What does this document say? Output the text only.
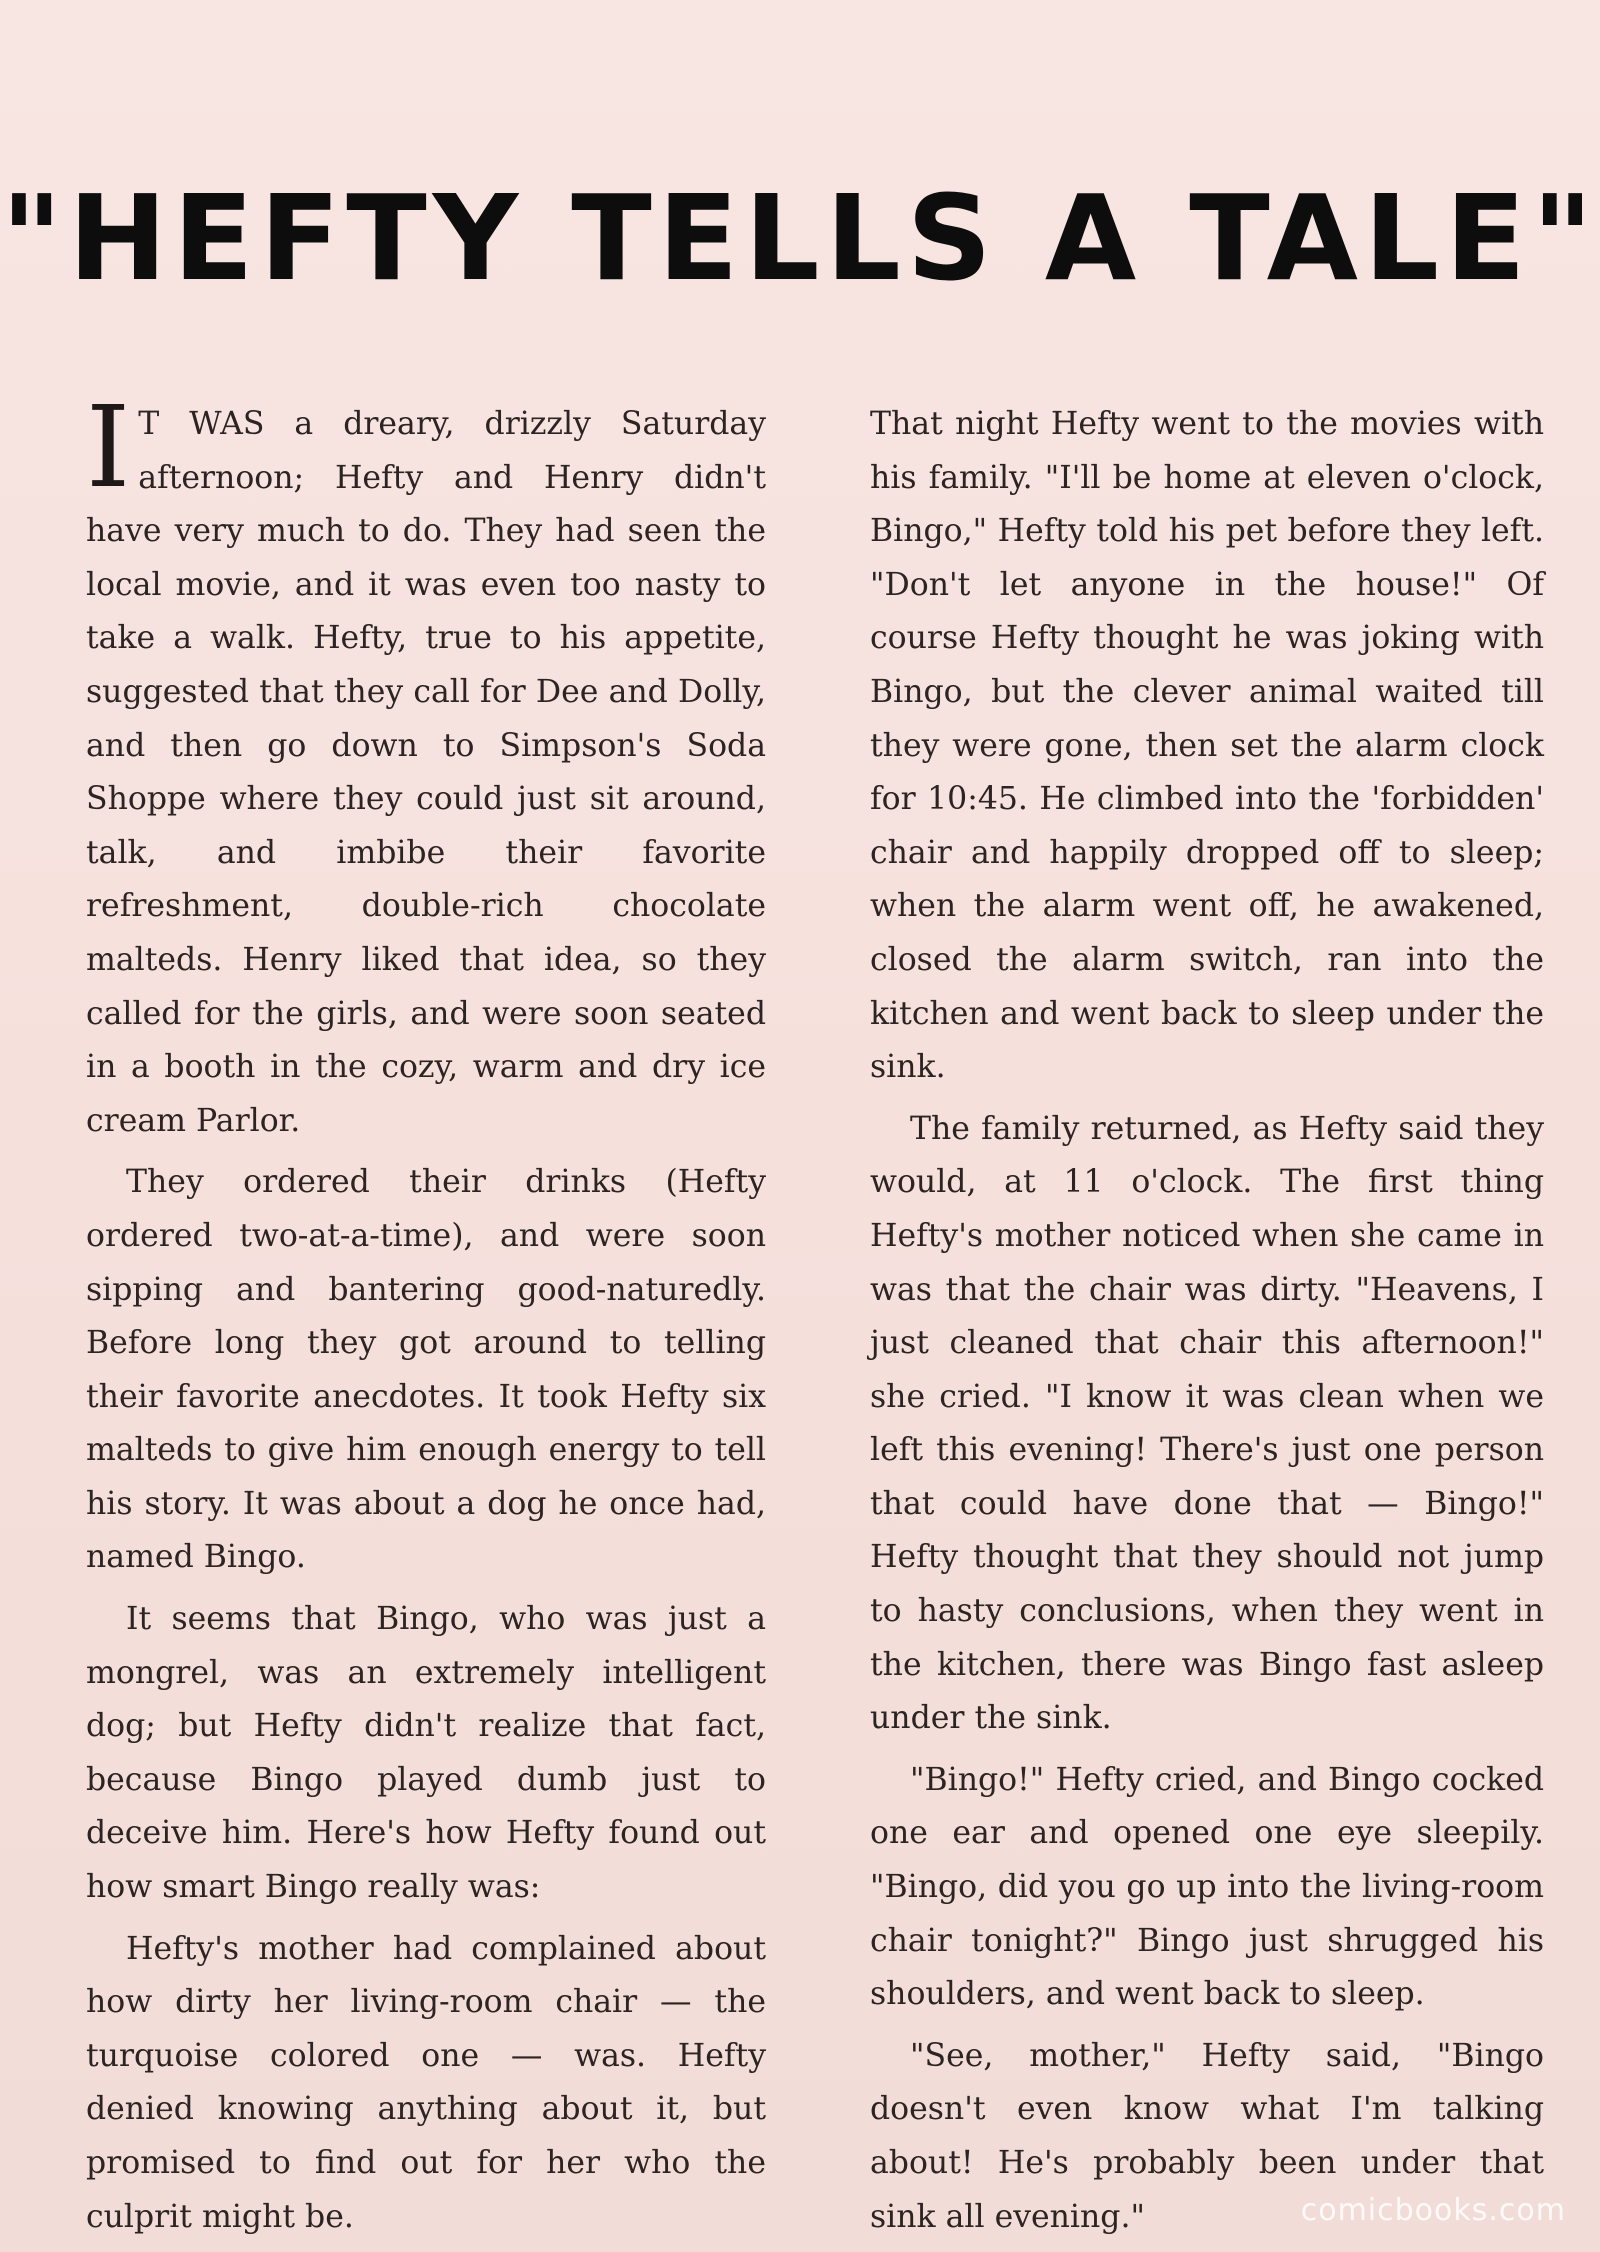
"HEFTY TELLS A TALE"

I T WAS a dreary, drizzly Saturday afternoon; Hefty and Henry didn't have very much to do. They had seen the local movie, and it was even too nasty to take a walk. Hefty, true to his appetite, suggested that they call for Dee and Dolly, and then go down to Simpson's Soda Shoppe where they could just sit around, talk, and imbibe their favorite refreshment, double-rich chocolate malteds. Henry liked that idea, so they called for the girls, and were soon seated in a booth in the cozy, warm and dry ice cream Parlor.

They ordered their drinks (Hefty ordered two-at-a-time), and were soon sipping and bantering good-naturedly. Before long they got around to telling their favorite anecdotes. It took Hefty six malteds to give him enough energy to tell his story. It was about a dog he once had, named Bingo.

It seems that Bingo, who was just a mongrel, was an extremely intelligent dog; but Hefty didn't realize that fact, because Bingo played dumb just to deceive him. Here's how Hefty found out how smart Bingo really was:

Hefty's mother had complained about how dirty her living-room chair — the turquoise colored one — was. Hefty denied knowing anything about it, but promised to find out for her who the culprit might be.

That night Hefty went to the movies with his family. "I'll be home at eleven o'clock, Bingo," Hefty told his pet before they left. "Don't let anyone in the house!" Of course Hefty thought he was joking with Bingo, but the clever animal waited till they were gone, then set the alarm clock for 10:45. He climbed into the 'forbidden' chair and happily dropped off to sleep; when the alarm went off, he awakened, closed the alarm switch, ran into the kitchen and went back to sleep under the sink.

The family returned, as Hefty said they would, at 11 o'clock. The first thing Hefty's mother noticed when she came in was that the chair was dirty. "Heavens, I just cleaned that chair this afternoon!" she cried. "I know it was clean when we left this evening! There's just one person that could have done that — Bingo!" Hefty thought that they should not jump to hasty conclusions, when they went in the kitchen, there was Bingo fast asleep under the sink.

"Bingo!" Hefty cried, and Bingo cocked one ear and opened one eye sleepily. "Bingo, did you go up into the living-room chair tonight?" Bingo just shrugged his shoulders, and went back to sleep.

"See, mother," Hefty said, "Bingo doesn't even know what I'm talking about! He's probably been under that sink all evening."	comicbooks.com
